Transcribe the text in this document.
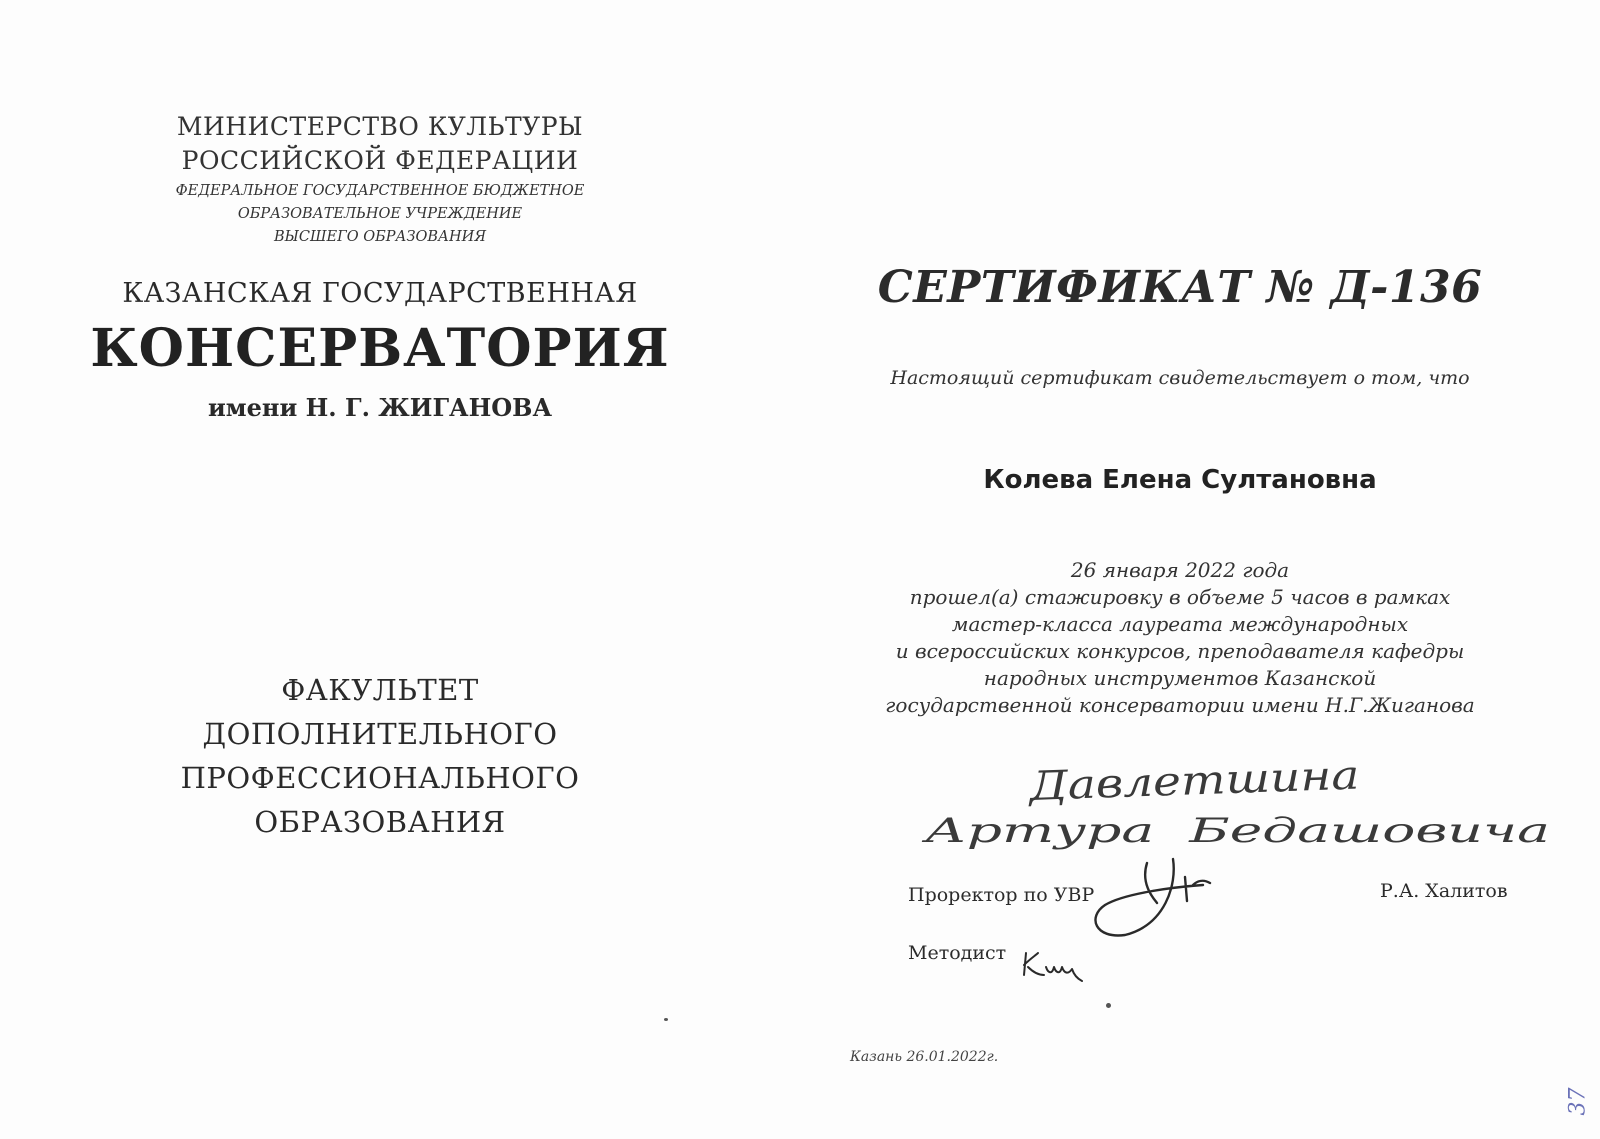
МИНИСТЕРСТВО КУЛЬТУРЫ
РОССИЙСКОЙ ФЕДЕРАЦИИ
ФЕДЕРАЛЬНОЕ ГОСУДАРСТВЕННОЕ БЮДЖЕТНОЕ
ОБРАЗОВАТЕЛЬНОЕ УЧРЕЖДЕНИЕ
ВЫСШЕГО ОБРАЗОВАНИЯ
КАЗАНСКАЯ ГОСУДАРСТВЕННАЯ
КОНСЕРВАТОРИЯ
имени Н. Г. ЖИГАНОВА
ФАКУЛЬТЕТ
ДОПОЛНИТЕЛЬНОГО
ПРОФЕССИОНАЛЬНОГО
ОБРАЗОВАНИЯ
СЕРТИФИКАТ № Д-136
Настоящий сертификат свидетельствует о том, что
Колева Елена Султановна
26 января 2022 года
прошел(а) стажировку в объеме 5 часов в рамках
мастер-класса лауреата международных
и всероссийских конкурсов, преподавателя кафедры
народных инструментов Казанской
государственной консерватории имени Н.Г.Жиганова
Давлетшина
Артура  Бедашовича
Проректор по УВР	Р.А. Халитов
Методист
Казань 26.01.2022г.
37
